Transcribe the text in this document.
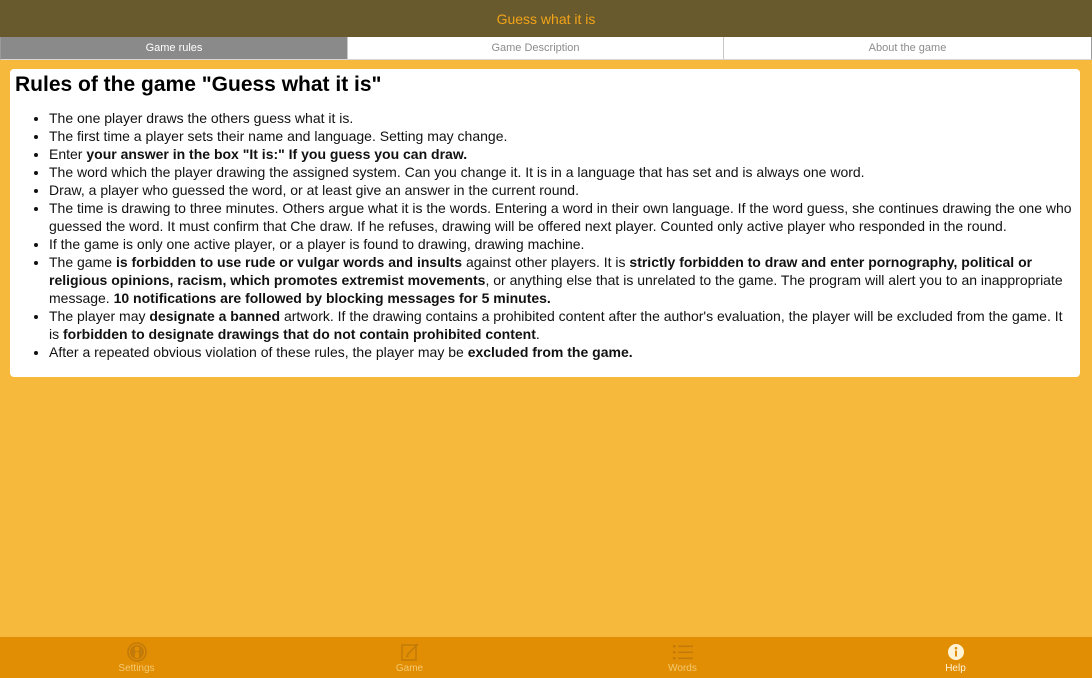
Guess what it is
Game rules	Game Description	About the game
Rules of the game "Guess what it is"
• The one player draws the others guess what it is.
• The first time a player sets their name and language. Setting may change.
• Enter your answer in the box "It is:" If you guess you can draw.
• The word which the player drawing the assigned system. Can you change it. It is in a language that has set and is always one word.
• Draw, a player who guessed the word, or at least give an answer in the current round.
• The time is drawing to three minutes. Others argue what it is the words. Entering a word in their own language. If the word guess, she continues drawing the one who guessed the word. It must confirm that Che draw. If he refuses, drawing will be offered next player. Counted only active player who responded in the round.
• If the game is only one active player, or a player is found to drawing, drawing machine.
• The game is forbidden to use rude or vulgar words and insults against other players. It is strictly forbidden to draw and enter pornography, political or religious opinions, racism, which promotes extremist movements, or anything else that is unrelated to the game. The program will alert you to an inappropriate message. 10 notifications are followed by blocking messages for 5 minutes.
• The player may designate a banned artwork. If the drawing contains a prohibited content after the author's evaluation, the player will be excluded from the game. It is forbidden to designate drawings that do not contain prohibited content.
• After a repeated obvious violation of these rules, the player may be excluded from the game.
Settings	Game	Words	Help
